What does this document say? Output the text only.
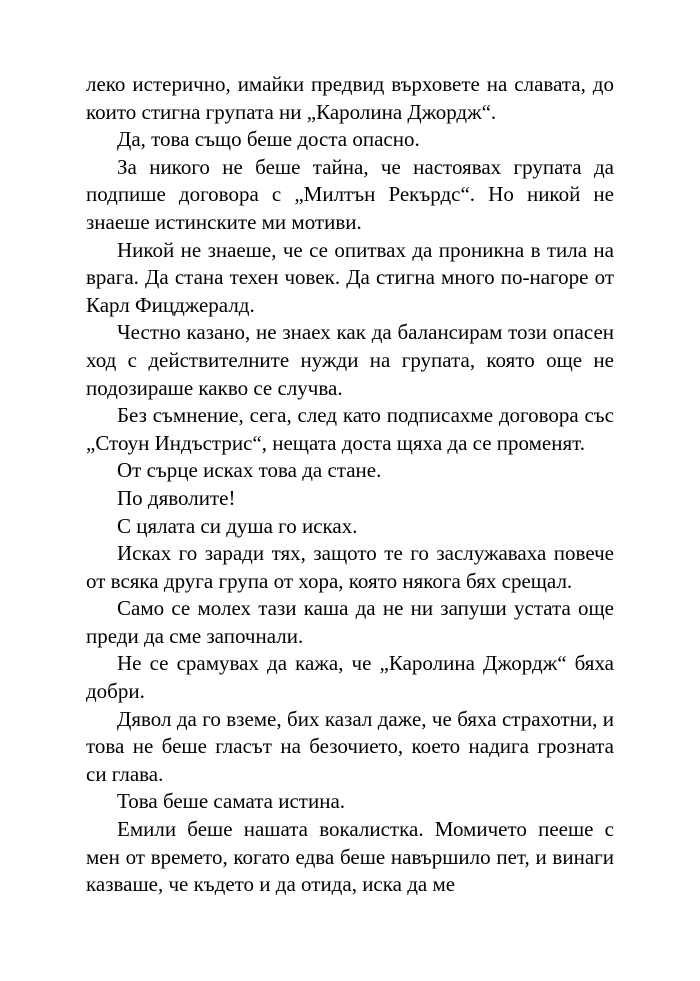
леко истерично, имайки предвид върховете на славата, до които стигна групата ни „Каролина Джордж“.

Да, това също беше доста опасно.

За никого не беше тайна, че настоявах групата да подпише договора с „Милтън Рекърдс“. Но никой не знаеше истинските ми мотиви.

Никой не знаеше, че се опитвах да проникна в тила на врага. Да стана техен човек. Да стигна много по-нагоре от Карл Фицджералд.

Честно казано, не знаех как да балансирам този опасен ход с действителните нужди на групата, която още не подозираше какво се случва.

Без съмнение, сега, след като подписахме договора със „Стоун Индъстрис“, нещата доста щяха да се променят.

От сърце исках това да стане.

По дяволите!

С цялата си душа го исках.

Исках го заради тях, защото те го заслужаваха повече от всяка друга група от хора, която някога бях срещал.

Само се молех тази каша да не ни запуши устата още преди да сме започнали.

Не се срамувах да кажа, че „Каролина Джордж“ бяха добри.

Дявол да го вземе, бих казал даже, че бяха страхотни, и това не беше гласът на безочието, което надига грозната си глава.

Това беше самата истина.

Емили беше нашата вокалистка. Момичето пееше с мен от времето, когато едва беше навършило пет, и винаги казваше, че където и да отида, иска да ме
